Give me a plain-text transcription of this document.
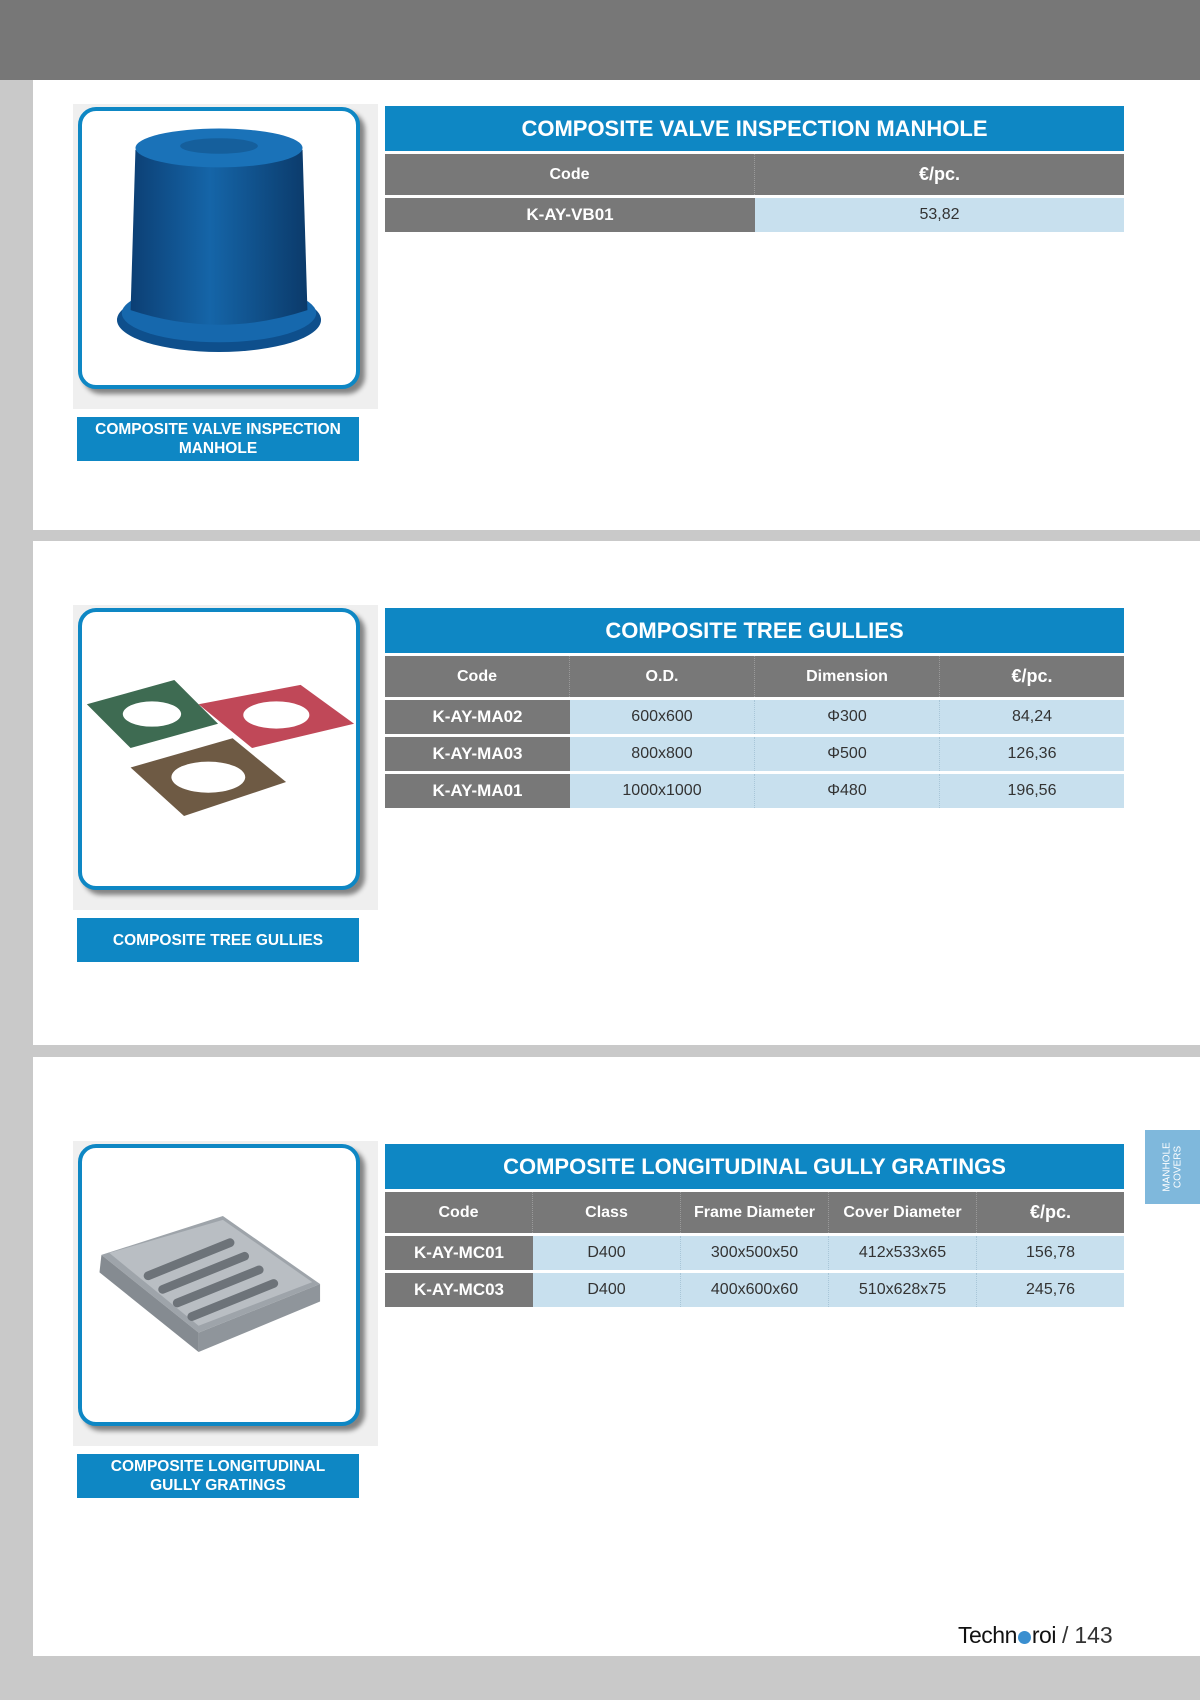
COMPOSITE VALVE INSPECTION MANHOLE
COMPOSITE VALVE INSPECTION MANHOLE
Code	€/pc.
K-AY-VB01	53,82
COMPOSITE TREE GULLIES
COMPOSITE TREE GULLIES
Code	O.D.	Dimension	€/pc.
K-AY-MA02	600x600	Φ300	84,24
K-AY-MA03	800x800	Φ500	126,36
K-AY-MA01	1000x1000	Φ480	196,56
COMPOSITE LONGITUDINAL GULLY GRATINGS
COMPOSITE LONGITUDINAL GULLY GRATINGS
Code	Class	Frame Diameter	Cover Diameter	€/pc.
K-AY-MC01	D400	300x500x50	412x533x65	156,78
K-AY-MC03	D400	400x600x60	510x628x75	245,76
MANHOLE COVERS
Techn roi / 143
